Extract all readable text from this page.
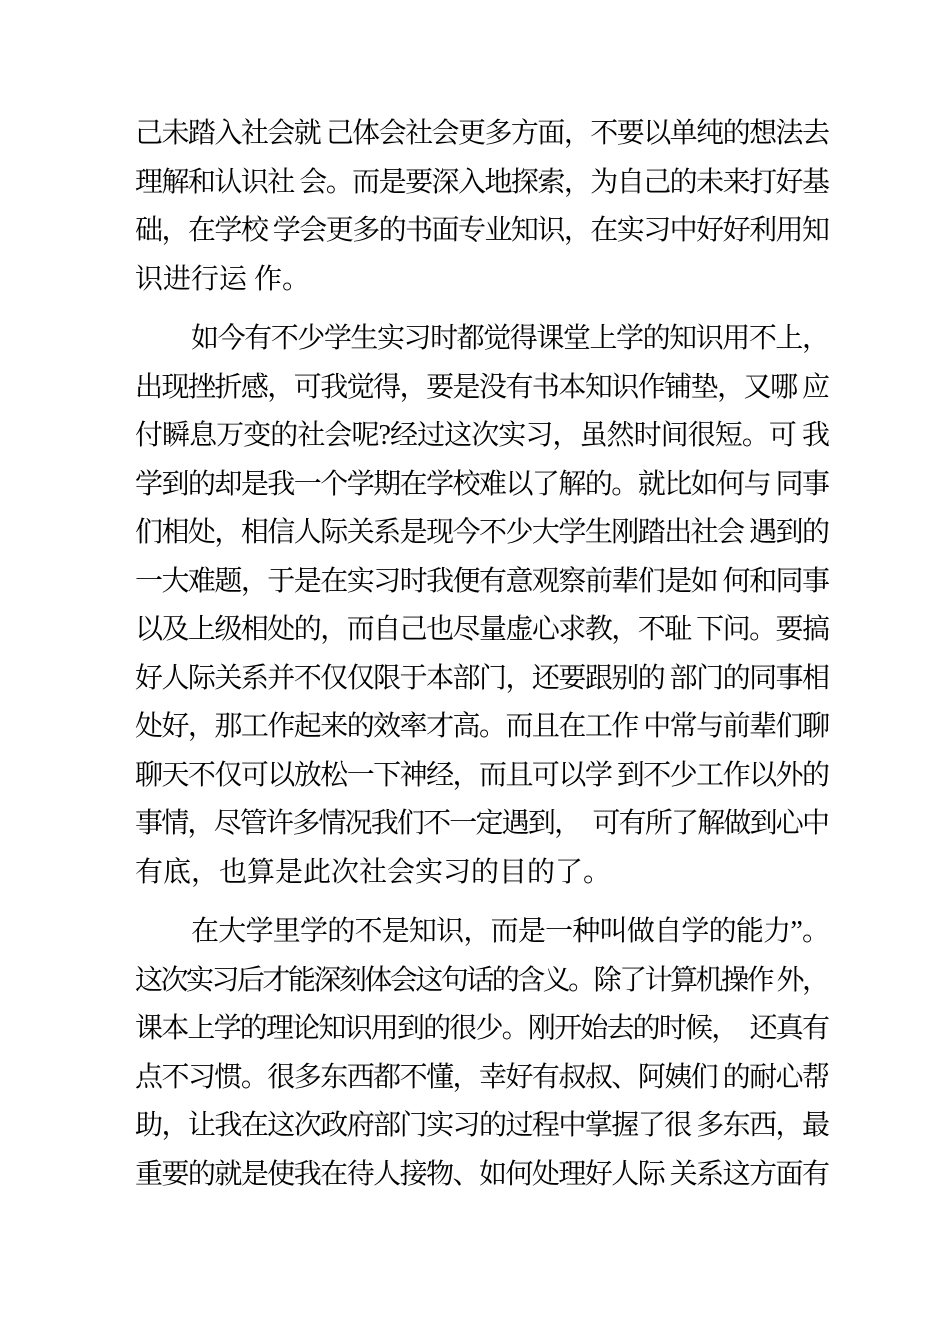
己未踏入社会就 己体会社会更多方面，不要以单纯的想法去
理解和认识社 会。而是要深入地探索，为自己的未来打好基
础，在学校 学会更多的书面专业知识，在实习中好好利用知
识进行运 作。
如今有不少学生实习时都觉得课堂上学的知识用不上，
出现挫折感，可我觉得，要是没有书本知识作铺垫，又哪 应
付瞬息万变的社会呢?经过这次实习，虽然时间很短。可 我
学到的却是我一个学期在学校难以了解的。就比如何与 同事
们相处，相信人际关系是现今不少大学生刚踏出社会 遇到的
一大难题，于是在实习时我便有意观察前辈们是如 何和同事
以及上级相处的，而自己也尽量虚心求教，不耻 下问。要搞
好人际关系并不仅仅限于本部门，还要跟别的 部门的同事相
处好，那工作起来的效率才高。而且在工作 中常与前辈们聊
聊天不仅可以放松一下神经，而且可以学 到不少工作以外的
事情，尽管许多情况我们不一定遇到，　可有所了解做到心中
有底，也算是此次社会实习的目的了。
在大学里学的不是知识，而是一种叫做自学的能力”。
这次实习后才能深刻体会这句话的含义。除了计算机操作 外，
课本上学的理论知识用到的很少。刚开始去的时候，　还真有
点不习惯。很多东西都不懂，幸好有叔叔、阿姨们 的耐心帮
助，让我在这次政府部门实习的过程中掌握了很 多东西，最
重要的就是使我在待人接物、如何处理好人际 关系这方面有
